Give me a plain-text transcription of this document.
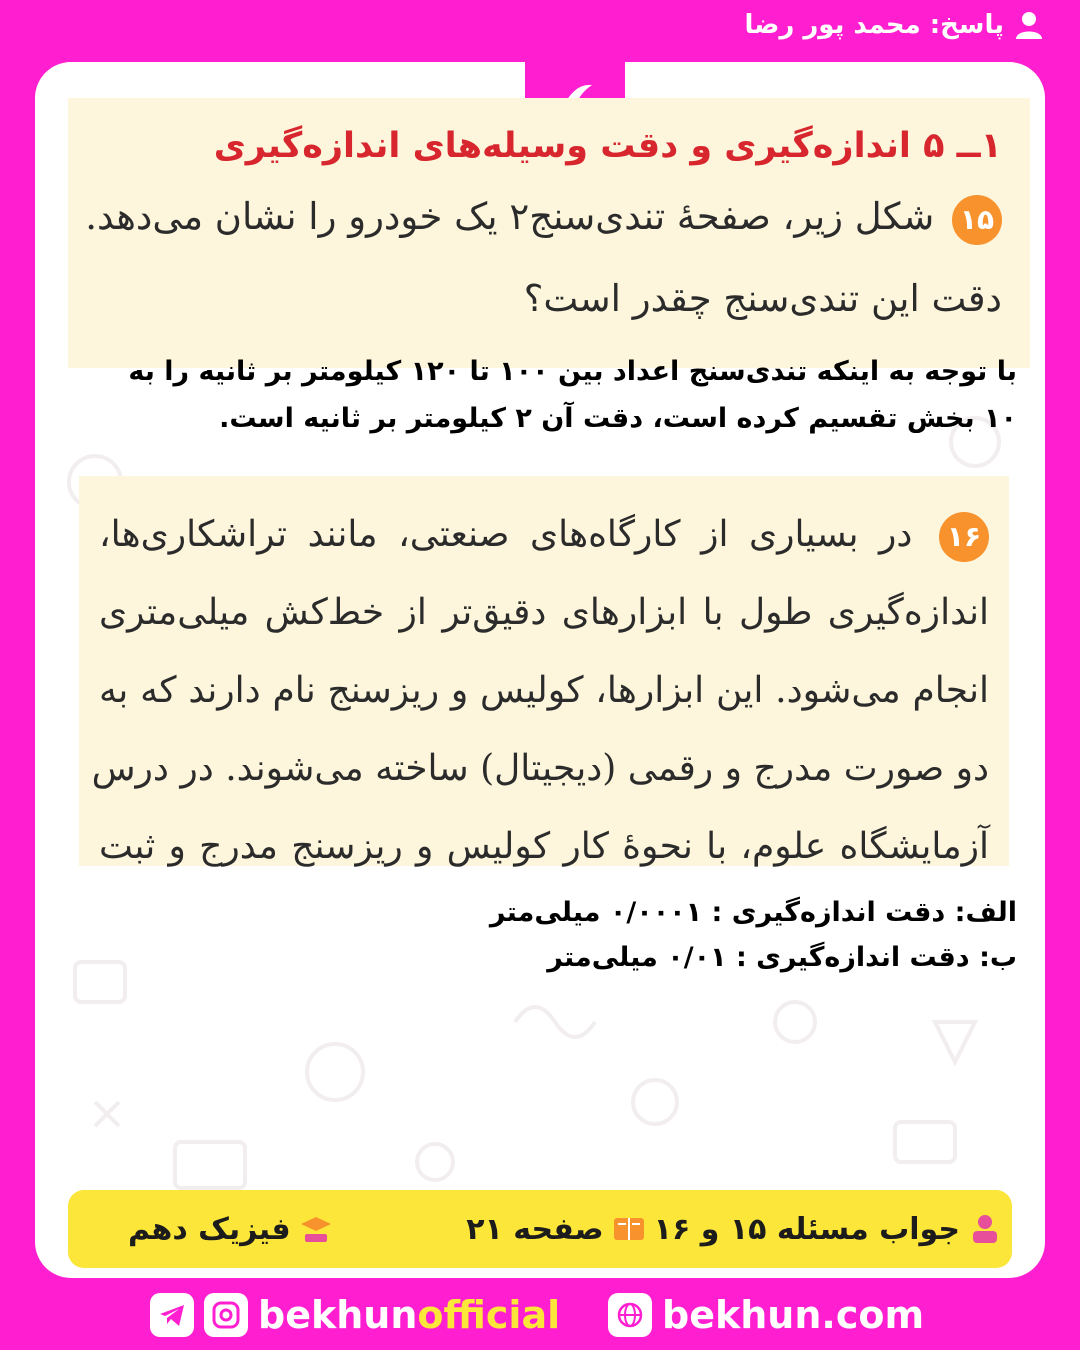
پاسخ: محمد پور رضا
۱ــ ۵ اندازه‌گیری و دقت وسیله‌های اندازه‌گیری
۱۵ شکل زیر، صفحهٔ تندی‌سنج۲ یک خودرو را نشان می‌دهد.
دقت این تندی‌سنج چقدر است؟
با توجه به اینکه تندی‌سنج اعداد بین ۱۰۰ تا ۱۲۰ کیلومتر بر ثانیه را به
۱۰ بخش تقسیم کرده است، دقت آن ۲ کیلومتر بر ثانیه است.
۱۶ در بسیاری از کارگاه‌های صنعتی، مانند تراشکاری‌ها،
اندازه‌گیری طول با ابزارهای دقیق‌تر از خط‌کش میلی‌متری
انجام می‌شود. این ابزارها، کولیس و ریزسنج نام دارند که به
دو صورت مدرج و رقمی (دیجیتال) ساخته می‌شوند. در درس
آزمایشگاه علوم، با نحوهٔ کار کولیس و ریزسنج مدرج و ثبت
الف: دقت اندازه‌گیری : ۰/۰۰۰۱ میلی‌متر
ب: دقت اندازه‌گیری : ۰/۰۱ میلی‌متر
جواب مسئله ۱۵ و ۱۶
صفحه ۲۱
فیزیک دهم
bekhun official	bekhun.com
